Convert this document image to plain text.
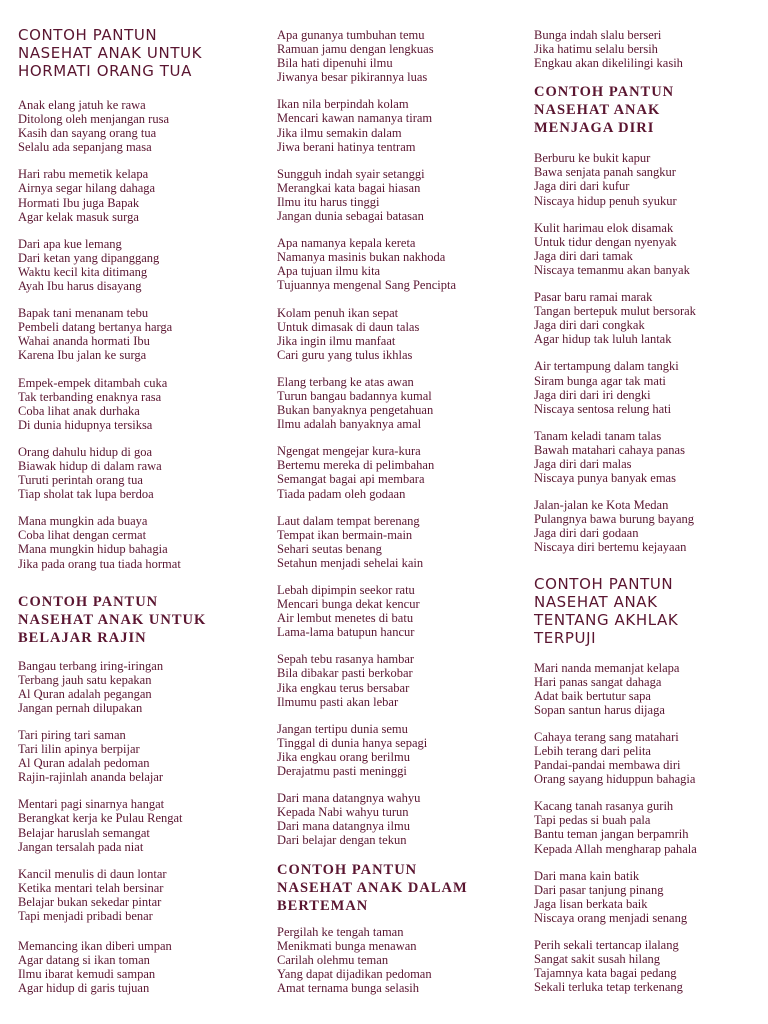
CONTOH PANTUN
NASEHAT ANAK UNTUK
HORMATI ORANG TUA
Anak elang jatuh ke rawa
Ditolong oleh menjangan rusa
Kasih dan sayang orang tua
Selalu ada sepanjang masa
Hari rabu memetik kelapa
Airnya segar hilang dahaga
Hormati Ibu juga Bapak
Agar kelak masuk surga
Dari apa kue lemang
Dari ketan yang dipanggang
Waktu kecil kita ditimang
Ayah Ibu harus disayang
Bapak tani menanam tebu
Pembeli datang bertanya harga
Wahai ananda hormati Ibu
Karena Ibu jalan ke surga
Empek-empek ditambah cuka
Tak terbanding enaknya rasa
Coba lihat anak durhaka
Di dunia hidupnya tersiksa
Orang dahulu hidup di goa
Biawak hidup di dalam rawa
Turuti perintah orang tua
Tiap sholat tak lupa berdoa
Mana mungkin ada buaya
Coba lihat dengan cermat
Mana mungkin hidup bahagia
Jika pada orang tua tiada hormat
CONTOH PANTUN
NASEHAT ANAK UNTUK
BELAJAR RAJIN
Bangau terbang iring-iringan
Terbang jauh satu kepakan
Al Quran adalah pegangan
Jangan pernah dilupakan
Tari piring tari saman
Tari lilin apinya berpijar
Al Quran adalah pedoman
Rajin-rajinlah ananda belajar
Mentari pagi sinarnya hangat
Berangkat kerja ke Pulau Rengat
Belajar haruslah semangat
Jangan tersalah pada niat
Kancil menulis di daun lontar
Ketika mentari telah bersinar
Belajar bukan sekedar pintar
Tapi menjadi pribadi benar
Memancing ikan diberi umpan
Agar datang si ikan toman
Ilmu ibarat kemudi sampan
Agar hidup di garis tujuan
Apa gunanya tumbuhan temu
Ramuan jamu dengan lengkuas
Bila hati dipenuhi ilmu
Jiwanya besar pikirannya luas
Ikan nila berpindah kolam
Mencari kawan namanya tiram
Jika ilmu semakin dalam
Jiwa berani hatinya tentram
Sungguh indah syair setanggi
Merangkai kata bagai hiasan
Ilmu itu harus tinggi
Jangan dunia sebagai batasan
Apa namanya kepala kereta
Namanya masinis bukan nakhoda
Apa tujuan ilmu kita
Tujuannya mengenal Sang Pencipta
Kolam penuh ikan sepat
Untuk dimasak di daun talas
Jika ingin ilmu manfaat
Cari guru yang tulus ikhlas
Elang terbang ke atas awan
Turun bangau badannya kumal
Bukan banyaknya pengetahuan
Ilmu adalah banyaknya amal
Ngengat mengejar kura-kura
Bertemu mereka di pelimbahan
Semangat bagai api membara
Tiada padam oleh godaan
Laut dalam tempat berenang
Tempat ikan bermain-main
Sehari seutas benang
Setahun menjadi sehelai kain
Lebah dipimpin seekor ratu
Mencari bunga dekat kencur
Air lembut menetes di batu
Lama-lama batupun hancur
Sepah tebu rasanya hambar
Bila dibakar pasti berkobar
Jika engkau terus bersabar
Ilmumu pasti akan lebar
Jangan tertipu dunia semu
Tinggal di dunia hanya sepagi
Jika engkau orang berilmu
Derajatmu pasti meninggi
Dari mana datangnya wahyu
Kepada Nabi wahyu turun
Dari mana datangnya ilmu
Dari belajar dengan tekun
CONTOH PANTUN
NASEHAT ANAK DALAM
BERTEMAN
Pergilah ke tengah taman
Menikmati bunga menawan
Carilah olehmu teman
Yang dapat dijadikan pedoman
Amat ternama bunga selasih
Bunga indah slalu berseri
Jika hatimu selalu bersih
Engkau akan dikelilingi kasih
CONTOH PANTUN
NASEHAT ANAK
MENJAGA DIRI
Berburu ke bukit kapur
Bawa senjata panah sangkur
Jaga diri dari kufur
Niscaya hidup penuh syukur
Kulit harimau elok disamak
Untuk tidur dengan nyenyak
Jaga diri dari tamak
Niscaya temanmu akan banyak
Pasar baru ramai marak
Tangan bertepuk mulut bersorak
Jaga diri dari congkak
Agar hidup tak luluh lantak
Air tertampung dalam tangki
Siram bunga agar tak mati
Jaga diri dari iri dengki
Niscaya sentosa relung hati
Tanam keladi tanam talas
Bawah matahari cahaya panas
Jaga diri dari malas
Niscaya punya banyak emas
Jalan-jalan ke Kota Medan
Pulangnya bawa burung bayang
Jaga diri dari godaan
Niscaya diri bertemu kejayaan
CONTOH PANTUN
NASEHAT ANAK
TENTANG AKHLAK
TERPUJI
Mari nanda memanjat kelapa
Hari panas sangat dahaga
Adat baik bertutur sapa
Sopan santun harus dijaga
Cahaya terang sang matahari
Lebih terang dari pelita
Pandai-pandai membawa diri
Orang sayang hiduppun bahagia
Kacang tanah rasanya gurih
Tapi pedas si buah pala
Bantu teman jangan berpamrih
Kepada Allah mengharap pahala
Dari mana kain batik
Dari pasar tanjung pinang
Jaga lisan berkata baik
Niscaya orang menjadi senang
Perih sekali tertancap ilalang
Sangat sakit susah hilang
Tajamnya kata bagai pedang
Sekali terluka tetap terkenang
